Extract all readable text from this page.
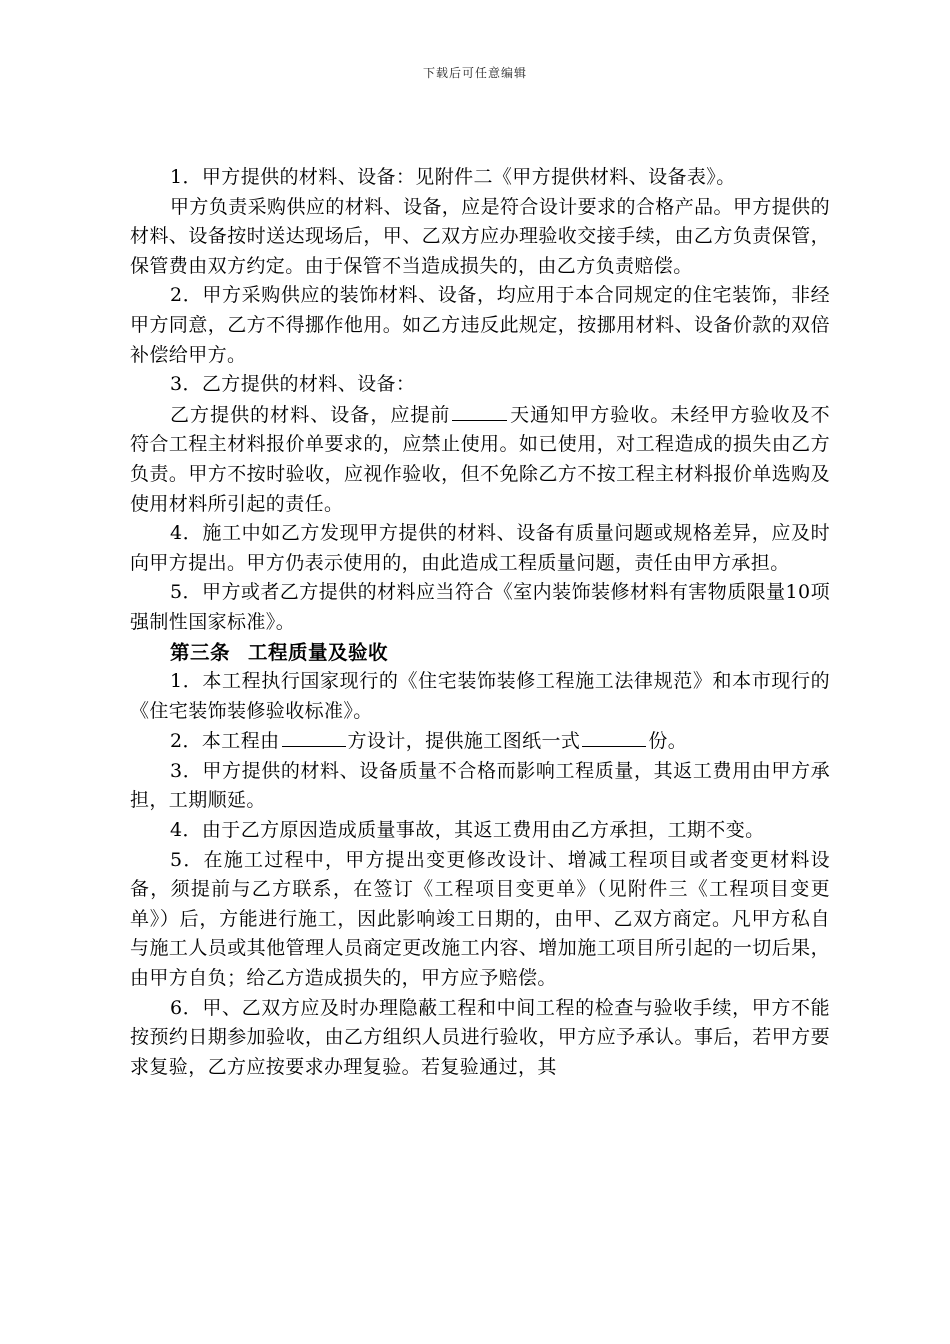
下载后可任意编辑

1．甲方提供的材料、设备：见附件二《甲方提供材料、设备表》。

甲方负责采购供应的材料、设备，应是符合设计要求的合格产品。甲方提供的材料、设备按时送达现场后，甲、乙双方应办理验收交接手续，由乙方负责保管，保管费由双方约定。由于保管不当造成损失的，由乙方负责赔偿。

2．甲方采购供应的装饰材料、设备，均应用于本合同规定的住宅装饰，非经甲方同意，乙方不得挪作他用。如乙方违反此规定，按挪用材料、设备价款的双倍补偿给甲方。

3．乙方提供的材料、设备：

乙方提供的材料、设备，应提前	天通知甲方验收。未经甲方验收及不符合工程主材料报价单要求的，应禁止使用。如已使用，对工程造成的损失由乙方负责。甲方不按时验收，应视作验收，但不免除乙方不按工程主材料报价单选购及使用材料所引起的责任。

4．施工中如乙方发现甲方提供的材料、设备有质量问题或规格差异，应及时向甲方提出。甲方仍表示使用的，由此造成工程质量问题，责任由甲方承担。

5．甲方或者乙方提供的材料应当符合《室内装饰装修材料有害物质限量10项强制性国家标准》。

第三条 工程质量及验收

1．本工程执行国家现行的《住宅装饰装修工程施工法律规范》和本市现行的《住宅装饰装修验收标准》。

2．本工程由	方设计，提供施工图纸一式	份。

3．甲方提供的材料、设备质量不合格而影响工程质量，其返工费用由甲方承担，工期顺延。

4．由于乙方原因造成质量事故，其返工费用由乙方承担，工期不变。

5．在施工过程中，甲方提出变更修改设计、增减工程项目或者变更材料设备，须提前与乙方联系，在签订《工程项目变更单》（见附件三《工程项目变更单》）后，方能进行施工，因此影响竣工日期的，由甲、乙双方商定。凡甲方私自与施工人员或其他管理人员商定更改施工内容、增加施工项目所引起的一切后果，由甲方自负；给乙方造成损失的，甲方应予赔偿。

6．甲、乙双方应及时办理隐蔽工程和中间工程的检查与验收手续，甲方不能按预约日期参加验收，由乙方组织人员进行验收，甲方应予承认。事后，若甲方要求复验，乙方应按要求办理复验。若复验通过，其
